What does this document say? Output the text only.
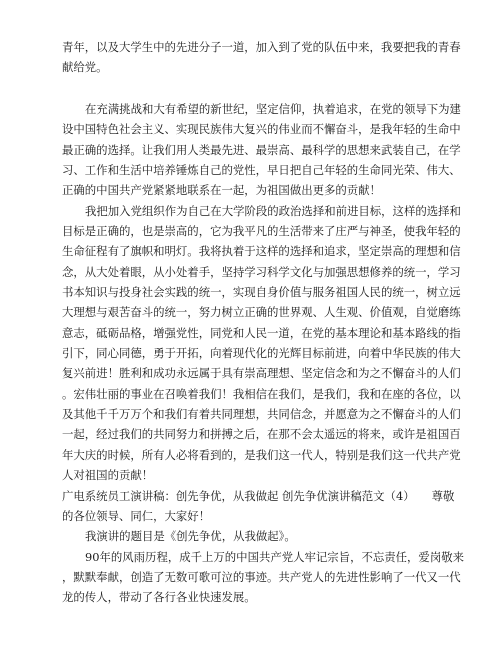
青年，以及大学生中的先进分子一道，加入到了党的队伍中来，我要把我的青春
献给党。
在充满挑战和大有希望的新世纪，坚定信仰，执着追求，在党的领导下为建
设中国特色社会主义、实现民族伟大复兴的伟业而不懈奋斗，是我年轻的生命中
最正确的选择。让我们用人类最先进、最崇高、最科学的思想来武装自己，在学
习、工作和生活中培养锤炼自己的党性，早日把自己年轻的生命同光荣、伟大、
正确的中国共产党紧紧地联系在一起，为祖国做出更多的贡献！
我把加入党组织作为自己在大学阶段的政治选择和前进目标，这样的选择和
目标是正确的，也是崇高的，它为我平凡的生活带来了庄严与神圣，使我年轻的
生命征程有了旗帜和明灯。我将执着于这样的选择和追求，坚定崇高的理想和信
念，从大处着眼，从小处着手，坚持学习科学文化与加强思想修养的统一，学习
书本知识与投身社会实践的统一，实现自身价值与服务祖国人民的统一，树立远
大理想与艰苦奋斗的统一，努力树立正确的世界观、人生观、价值观，自觉磨练
意志，砥砺品格，增强党性，同党和人民一道，在党的基本理论和基本路线的指
引下，同心同德，勇于开拓，向着现代化的光辉目标前进，向着中华民族的伟大
复兴前进！胜利和成功永远属于具有崇高理想、坚定信念和为之不懈奋斗的人们
。宏伟壮丽的事业在召唤着我们！我相信在我们，是我们，我和在座的各位，以
及其他千千万万个和我们有着共同理想，共同信念，并愿意为之不懈奋斗的人们
一起，经过我们的共同努力和拼搏之后，在那不会太遥远的将来，或许是祖国百
年大庆的时候，所有人必将看到的，是我们这一代人，特别是我们这一代共产党
人对祖国的贡献！
广电系统员工演讲稿：创先争优，从我做起 创先争优演讲稿范文（4）　　尊敬
的各位领导、同仁，大家好！
我演讲的题目是《创先争优，从我做起》。
90年的风雨历程，成千上万的中国共产党人牢记宗旨，不忘责任，爱岗敬来
，默默奉献，创造了无数可歌可泣的事迹。共产党人的先进性影响了一代又一代
龙的传人，带动了各行各业快速发展。
